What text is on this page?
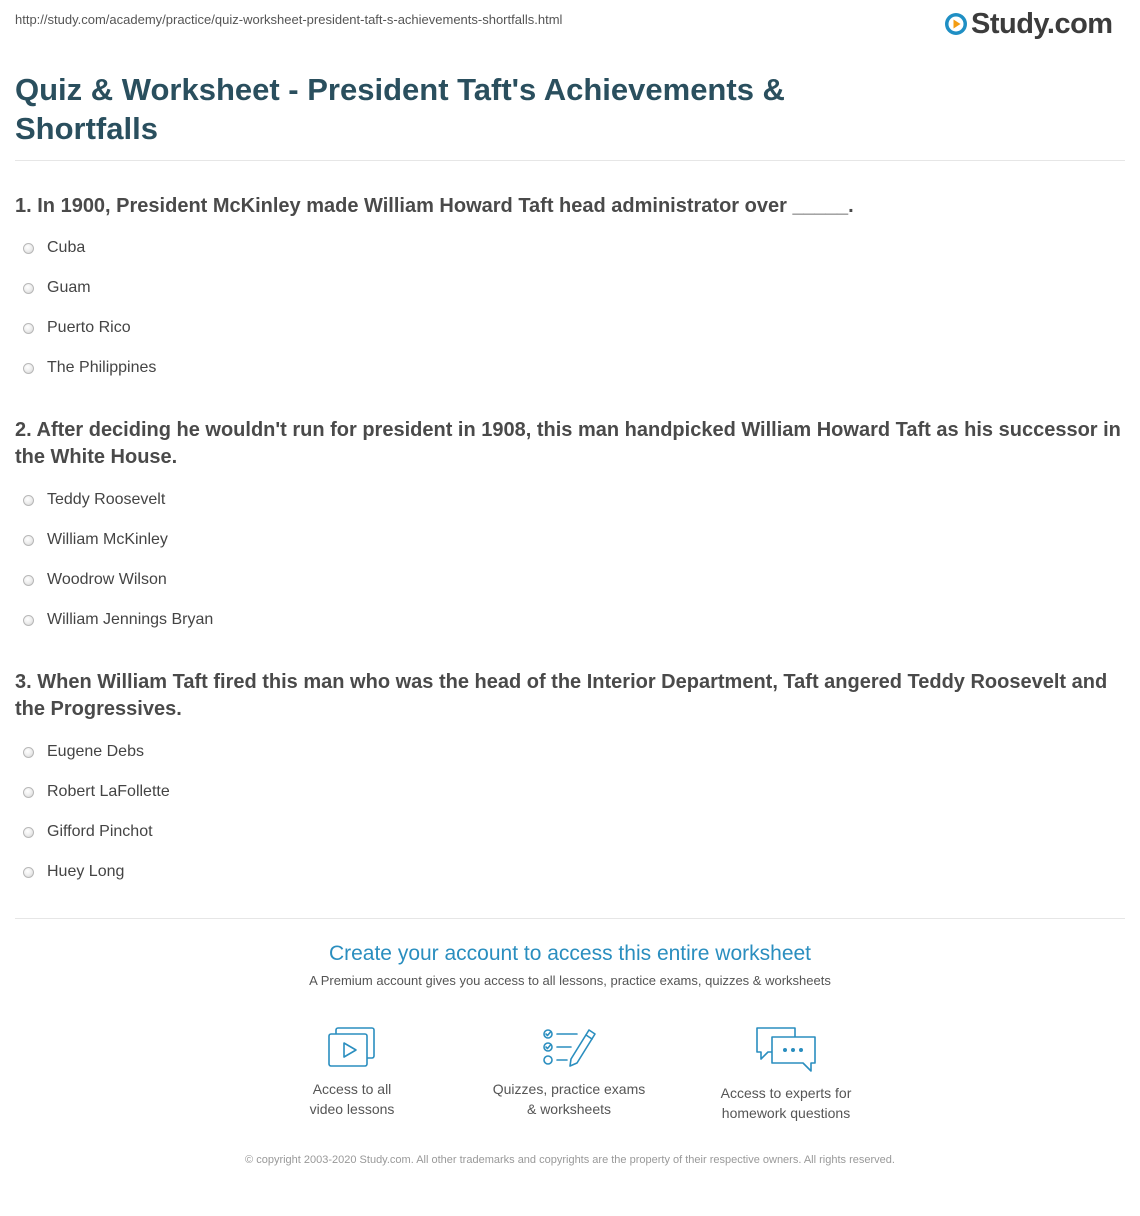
http://study.com/academy/practice/quiz-worksheet-president-taft-s-achievements-shortfalls.html	Study.com
Quiz & Worksheet - President Taft's Achievements & Shortfalls
1. In 1900, President McKinley made William Howard Taft head administrator over _____.
Cuba
Guam
Puerto Rico
The Philippines
2. After deciding he wouldn't run for president in 1908, this man handpicked William Howard Taft as his successor in the White House.
Teddy Roosevelt
William McKinley
Woodrow Wilson
William Jennings Bryan
3. When William Taft fired this man who was the head of the Interior Department, Taft angered Teddy Roosevelt and the Progressives.
Eugene Debs
Robert LaFollette
Gifford Pinchot
Huey Long
Create your account to access this entire worksheet
A Premium account gives you access to all lessons, practice exams, quizzes & worksheets
Access to all
video lessons
Quizzes, practice exams
& worksheets
Access to experts for
homework questions
© copyright 2003-2020 Study.com. All other trademarks and copyrights are the property of their respective owners. All rights reserved.
